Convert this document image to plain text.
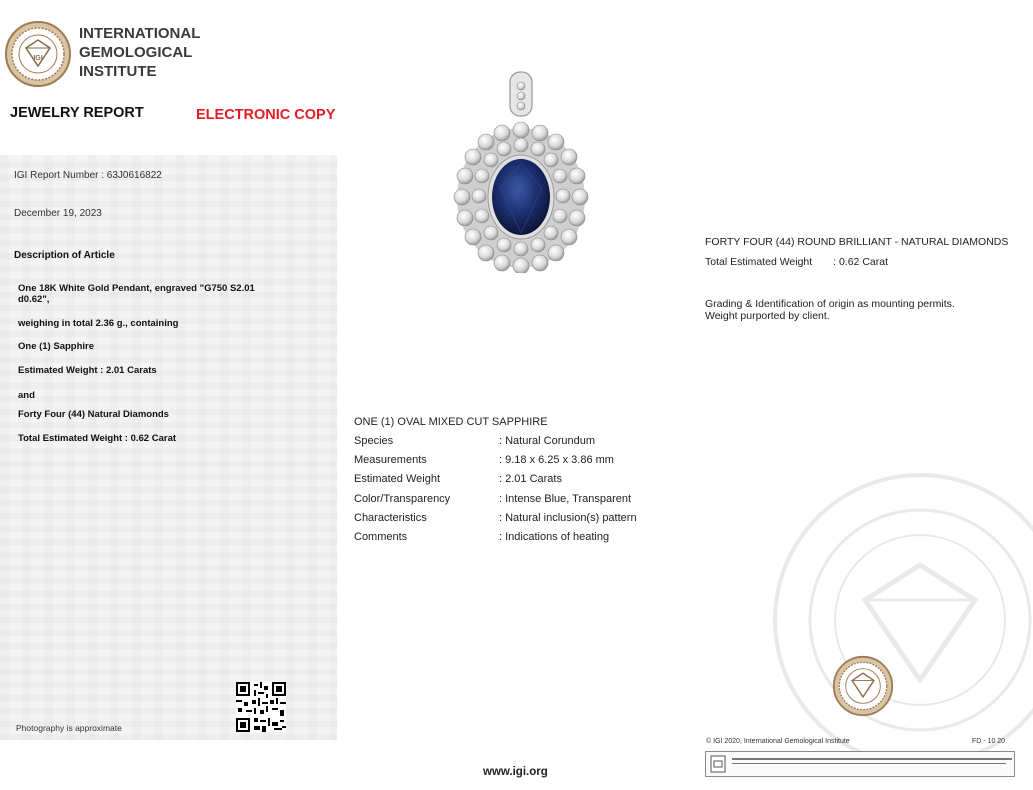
IGI
INTERNATIONAL
GEMOLOGICAL
INSTITUTE
JEWELRY REPORT	ELECTRONIC COPY
IGI Report Number : 63J0616822
December 19, 2023
Description of Article
One 18K White Gold Pendant, engraved "G750 S2.01 d0.62",
weighing in total 2.36 g., containing
One (1) Sapphire
Estimated Weight : 2.01 Carats
and
Forty Four (44) Natural Diamonds
Total Estimated Weight : 0.62 Carat
Photography is approximate
ONE (1) OVAL MIXED CUT SAPPHIRE
Species	: Natural Corundum
Measurements	: 9.18 x 6.25 x 3.86 mm
Estimated Weight	: 2.01 Carats
Color/Transparency	: Intense Blue, Transparent
Characteristics	: Natural inclusion(s) pattern
Comments	: Indications of heating
FORTY FOUR (44) ROUND BRILLIANT - NATURAL DIAMONDS
Total Estimated Weight : 0.62 Carat
Grading & Identification of origin as mounting permits.
Weight purported by client.
© IGI 2020, International Gemological Institute	FD - 10 20
www.igi.org
